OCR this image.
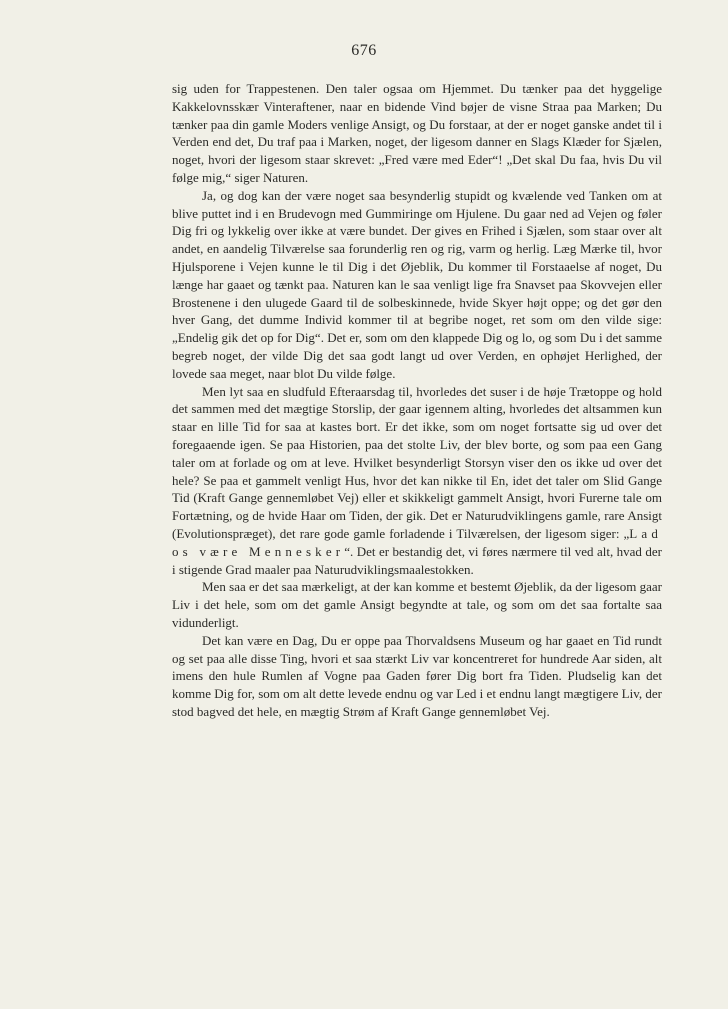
676

sig uden for Trappestenen. Den taler ogsaa om Hjemmet. Du tænker paa det hyggelige Kakkelovnsskær Vinteraftener, naar en bidende Vind bøjer de visne Straa paa Marken; Du tænker paa din gamle Moders venlige Ansigt, og Du forstaar, at der er noget ganske andet til i Verden end det, Du traf paa i Marken, noget, der ligesom danner en Slags Klæder for Sjælen, noget, hvori der ligesom staar skrevet: „Fred være med Eder“! „Det skal Du faa, hvis Du vil følge mig,“ siger Naturen.

Ja, og dog kan der være noget saa besynderlig stupidt og kvælende ved Tanken om at blive puttet ind i en Brudevogn med Gummiringe om Hjulene. Du gaar ned ad Vejen og føler Dig fri og lykkelig over ikke at være bundet. Der gives en Frihed i Sjælen, som staar over alt andet, en aandelig Tilværelse saa forunderlig ren og rig, varm og herlig. Læg Mærke til, hvor Hjulsporene i Vejen kunne le til Dig i det Øjeblik, Du kommer til Forstaaelse af noget, Du længe har gaaet og tænkt paa. Naturen kan le saa venligt lige fra Snavset paa Skovvejen eller Brostenene i den ulugede Gaard til de solbeskinnede, hvide Skyer højt oppe; og det gør den hver Gang, det dumme Individ kommer til at begribe noget, ret som om den vilde sige: „Endelig gik det op for Dig“. Det er, som om den klappede Dig og lo, og som Du i det samme begreb noget, der vilde Dig det saa godt langt ud over Verden, en ophøjet Herlighed, der lovede saa meget, naar blot Du vilde følge.

Men lyt saa en sludfuld Efteraarsdag til, hvorledes det suser i de høje Trætoppe og hold det sammen med det mægtige Storslip, der gaar igennem alting, hvorledes det altsammen kun staar en lille Tid for saa at kastes bort. Er det ikke, som om noget fortsatte sig ud over det foregaaende igen. Se paa Historien, paa det stolte Liv, der blev borte, og som paa een Gang taler om at forlade og om at leve. Hvilket besynderligt Storsyn viser den os ikke ud over det hele? Se paa et gammelt venligt Hus, hvor det kan nikke til En, idet det taler om Slid Gange Tid (Kraft Gange gennemløbet Vej) eller et skikkeligt gammelt Ansigt, hvori Furerne tale om Fortætning, og de hvide Haar om Tiden, der gik. Det er Naturudviklingens gamle, rare Ansigt (Evolutionspræget), det rare gode gamle forladende i Tilværelsen, der ligesom siger: „Lad os være Mennesker“. Det er bestandig det, vi føres nærmere til ved alt, hvad der i stigende Grad maaler paa Naturudviklingsmaalestokken.

Men saa er det saa mærkeligt, at der kan komme et bestemt Øjeblik, da der ligesom gaar Liv i det hele, som om det gamle Ansigt begyndte at tale, og som om det saa fortalte saa vidunderligt.

Det kan være en Dag, Du er oppe paa Thorvaldsens Museum og har gaaet en Tid rundt og set paa alle disse Ting, hvori et saa stærkt Liv var koncentreret for hundrede Aar siden, alt imens den hule Rumlen af Vogne paa Gaden fører Dig bort fra Tiden. Pludselig kan det komme Dig for, som om alt dette levede endnu og var Led i et endnu langt mægtigere Liv, der stod bagved det hele, en mægtig Strøm af Kraft Gange gennemløbet Vej.
